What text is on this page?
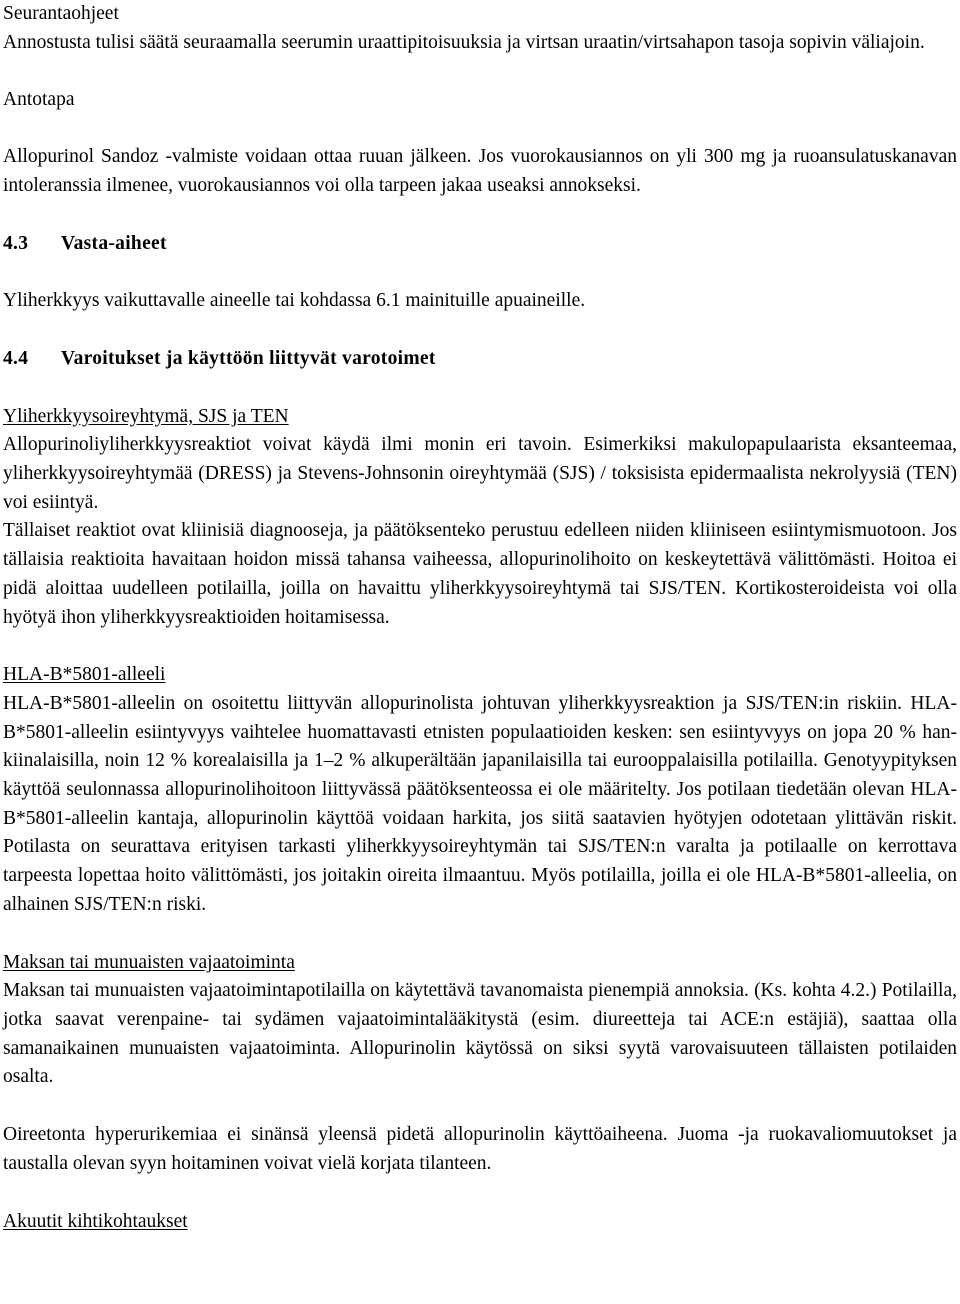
Seurantaohjeet

Annostusta tulisi säätä seuraamalla seerumin uraattipitoisuuksia ja virtsan uraatin/virtsahapon tasoja sopivin väliajoin.

Antotapa

Allopurinol Sandoz -valmiste voidaan ottaa ruuan jälkeen. Jos vuorokausiannos on yli 300 mg ja ruoansulatuskanavan intoleranssia ilmenee, vuorokausiannos voi olla tarpeen jakaa useaksi annokseksi.

4.3 Vasta-aiheet

Yliherkkyys vaikuttavalle aineelle tai kohdassa 6.1 mainituille apuaineille.

4.4 Varoitukset ja käyttöön liittyvät varotoimet

Yliherkkyysoireyhtymä, SJS ja TEN

Allopurinoliyliherkkyysreaktiot voivat käydä ilmi monin eri tavoin. Esimerkiksi makulopapulaarista eksanteemaa, yliherkkyysoireyhtymää (DRESS) ja Stevens-Johnsonin oireyhtymää (SJS) / toksisista epidermaalista nekrolyysiä (TEN) voi esiintyä.

Tällaiset reaktiot ovat kliinisiä diagnooseja, ja päätöksenteko perustuu edelleen niiden kliiniseen esiintymismuotoon. Jos tällaisia reaktioita havaitaan hoidon missä tahansa vaiheessa, allopurinolihoito on keskeytettävä välittömästi. Hoitoa ei pidä aloittaa uudelleen potilailla, joilla on havaittu yliherkkyysoireyhtymä tai SJS/TEN. Kortikosteroideista voi olla hyötyä ihon yliherkkyysreaktioiden hoitamisessa.

HLA-B*5801-alleeli

HLA-B*5801-alleelin on osoitettu liittyvän allopurinolista johtuvan yliherkkyysreaktion ja SJS/TEN:in riskiin. HLA-B*5801-alleelin esiintyvyys vaihtelee huomattavasti etnisten populaatioiden kesken: sen esiintyvyys on jopa 20 % han-kiinalaisilla, noin 12 % korealaisilla ja 1–2 % alkuperältään japanilaisilla tai eurooppalaisilla potilailla. Genotyypityksen käyttöä seulonnassa allopurinolihoitoon liittyvässä päätöksenteossa ei ole määritelty. Jos potilaan tiedetään olevan HLA-B*5801-alleelin kantaja, allopurinolin käyttöä voidaan harkita, jos siitä saatavien hyötyjen odotetaan ylittävän riskit. Potilasta on seurattava erityisen tarkasti yliherkkyysoireyhtymän tai SJS/TEN:n varalta ja potilaalle on kerrottava tarpeesta lopettaa hoito välittömästi, jos joitakin oireita ilmaantuu. Myös potilailla, joilla ei ole HLA-B*5801-alleelia, on alhainen SJS/TEN:n riski.

Maksan tai munuaisten vajaatoiminta

Maksan tai munuaisten vajaatoimintapotilailla on käytettävä tavanomaista pienempiä annoksia. (Ks. kohta 4.2.) Potilailla, jotka saavat verenpaine- tai sydämen vajaatoimintalääkitystä (esim. diureetteja tai ACE:n estäjiä), saattaa olla samanaikainen munuaisten vajaatoiminta. Allopurinolin käytössä on siksi syytä varovaisuuteen tällaisten potilaiden osalta.

Oireetonta hyperurikemiaa ei sinänsä yleensä pidetä allopurinolin käyttöaiheena. Juoma -ja ruokavaliomuutokset ja taustalla olevan syyn hoitaminen voivat vielä korjata tilanteen.

Akuutit kihtikohtaukset
